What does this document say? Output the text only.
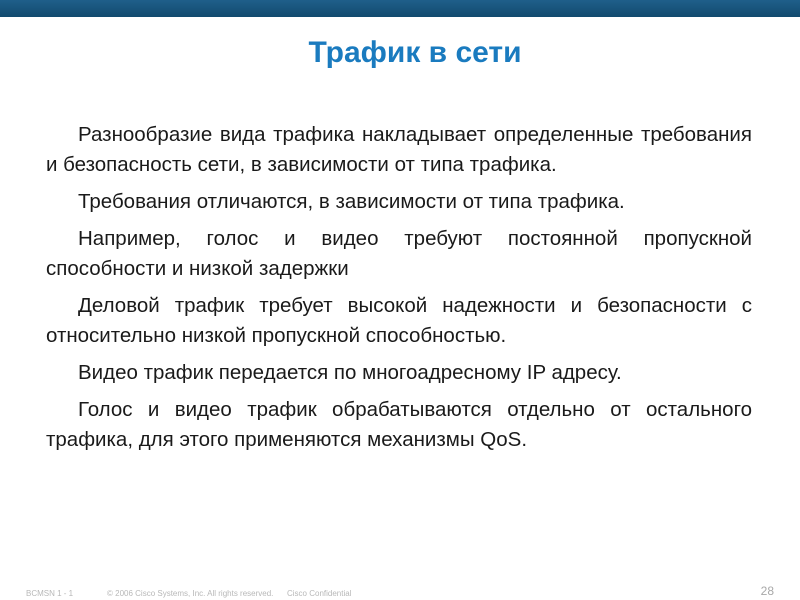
Трафик в сети

Разнообразие вида трафика накладывает определенные требования и безопасность сети, в зависимости от типа трафика.

Требования отличаются, в зависимости от типа трафика.

Например, голос и видео требуют постоянной пропускной способности и низкой задержки

Деловой трафик требует высокой надежности и безопасности с относительно низкой пропускной способностью.

Видео трафик передается по многоадресному IP адресу.

Голос и видео трафик обрабатываются отдельно от остального трафика, для этого применяются механизмы QoS.

BCMSN 1 - 1	© 2006 Cisco Systems, Inc. All rights reserved. Cisco Confidential	28
